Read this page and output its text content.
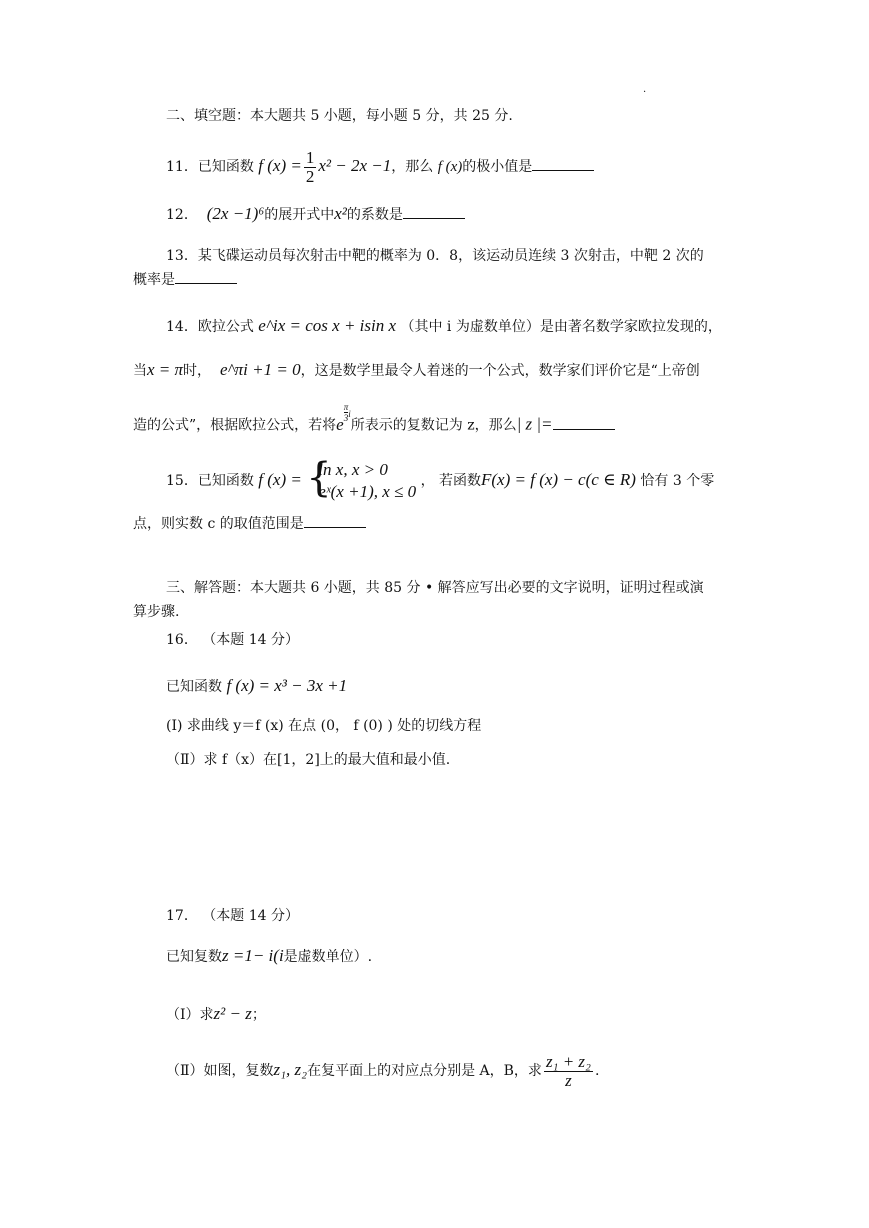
.
二、填空题：本大题共 5 小题，每小题 5 分，共 25 分.
11．已知函数 f $(x) = \frac{1}{2} x^2 - 2x -1$，那么 f (x)的极小值是
12． (2x −1)⁶的展开式中x²的系数是
13．某飞碟运动员每次射击中靶的概率为 0．8，该运动员连续 3 次射击，中靶 2 次的
概率是
14．欧拉公式 e^ix = cos x + isin x （其中 i 为虚数单位）是由著名数学家欧拉发现的，
当x = π时， e^πi +1 = 0，这是数学里最令人着迷的一个公式，数学家们评价它是“上帝创
造的公式”，根据欧拉公式，若将e
$^{\frac{\pi}{3} i}$所表示的复数记为 z，那么| z |=
15．已知函数 f (x) = {
ln x, x > 0
eˣ(x +1), x ≤ 0
， 若函数F(x) = f (x) − c(c ∈ R) 恰有 3 个零
点，则实数 c 的取值范围是
三、解答题：本大题共 6 小题，共 85 分 • 解答应写出必要的文字说明，证明过程或演
算步骤.
16． （本题 14 分）
已知函数 f (x) = x³ − 3x +1
(Ⅰ) 求曲线 y＝f (x) 在点 (0， f (0) ) 处的切线方程
（Ⅱ）求 f（x）在[1，2]上的最大值和最小值.
17． （本题 14 分）
已知复数z =1− i(i是虚数单位）.
（Ⅰ）求z² − z；
（Ⅱ）如图，复数z₁, z₂在复平面上的对应点分别是 A，B，求 $\frac{\text{z₁ + z₂}}{z}$ .
